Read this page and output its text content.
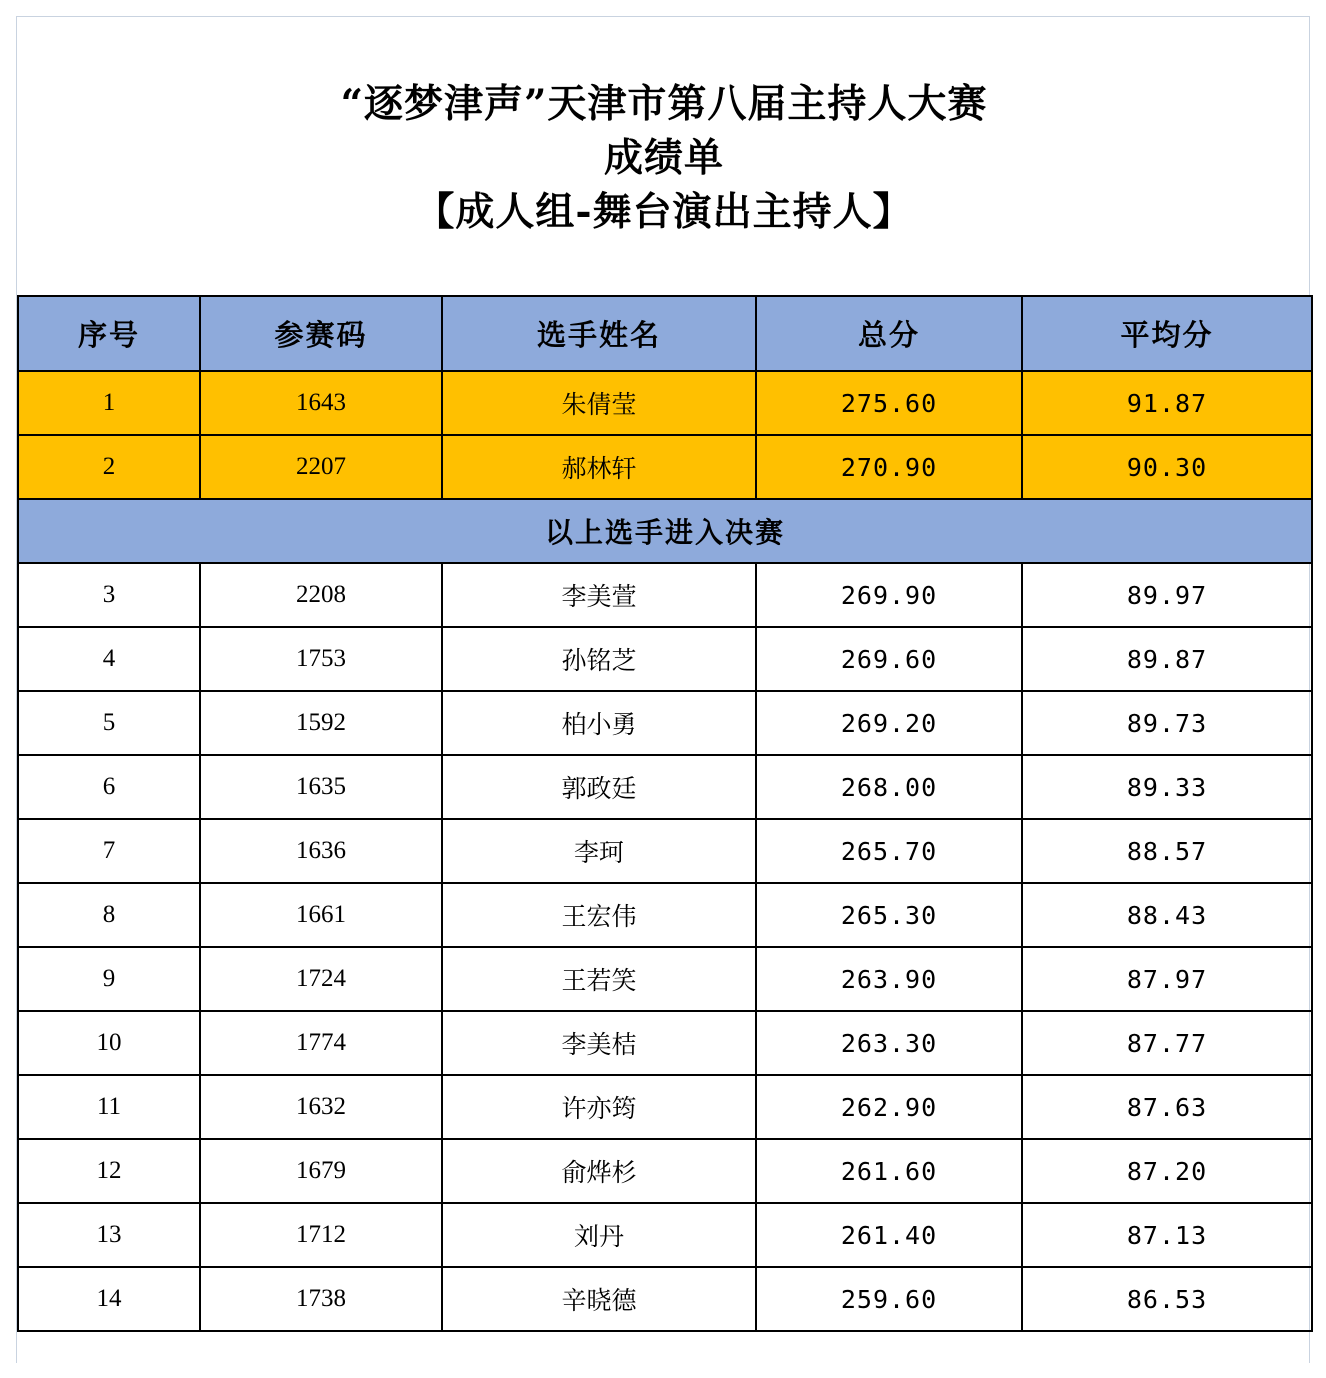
“逐梦津声”天津市第八届主持人大赛
成绩单
【成人组-舞台演出主持人】
序号	参赛码	选手姓名	总分	平均分
1	1643	朱倩莹	275.60	91.87
2	2207	郝林轩	270.90	90.30
以上选手进入决赛				
3	2208	李美萱	269.90	89.97
4	1753	孙铭芝	269.60	89.87
5	1592	柏小勇	269.20	89.73
6	1635	郭政廷	268.00	89.33
7	1636	李珂	265.70	88.57
8	1661	王宏伟	265.30	88.43
9	1724	王若笑	263.90	87.97
10	1774	李美桔	263.30	87.77
11	1632	许亦筠	262.90	87.63
12	1679	俞烨杉	261.60	87.20
13	1712	刘丹	261.40	87.13
14	1738	辛晓德	259.60	86.53
